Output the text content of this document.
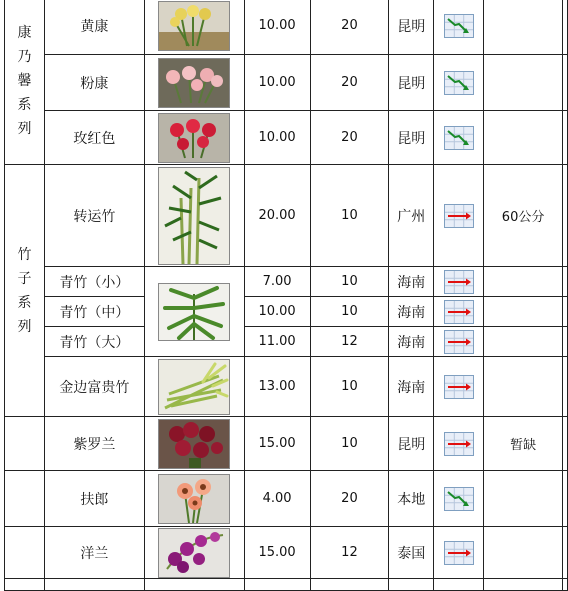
康乃馨系列	黄康		10.00	20	昆明	

	粉康		10.00	20	昆明	

	玫红色		10.00	20	昆明	

竹子系列	转运竹		20.00	10	广州		60公分	
	青竹（小）		7.00	10	海南	

	青竹（中）		10.00	10	海南	

	青竹（大）		11.00	12	海南	

	金边富贵竹		13.00	10	海南	

	紫罗兰		15.00	10	昆明		暂缺	
	扶郎		4.00	20	本地	

	洋兰		15.00	12	泰国	
